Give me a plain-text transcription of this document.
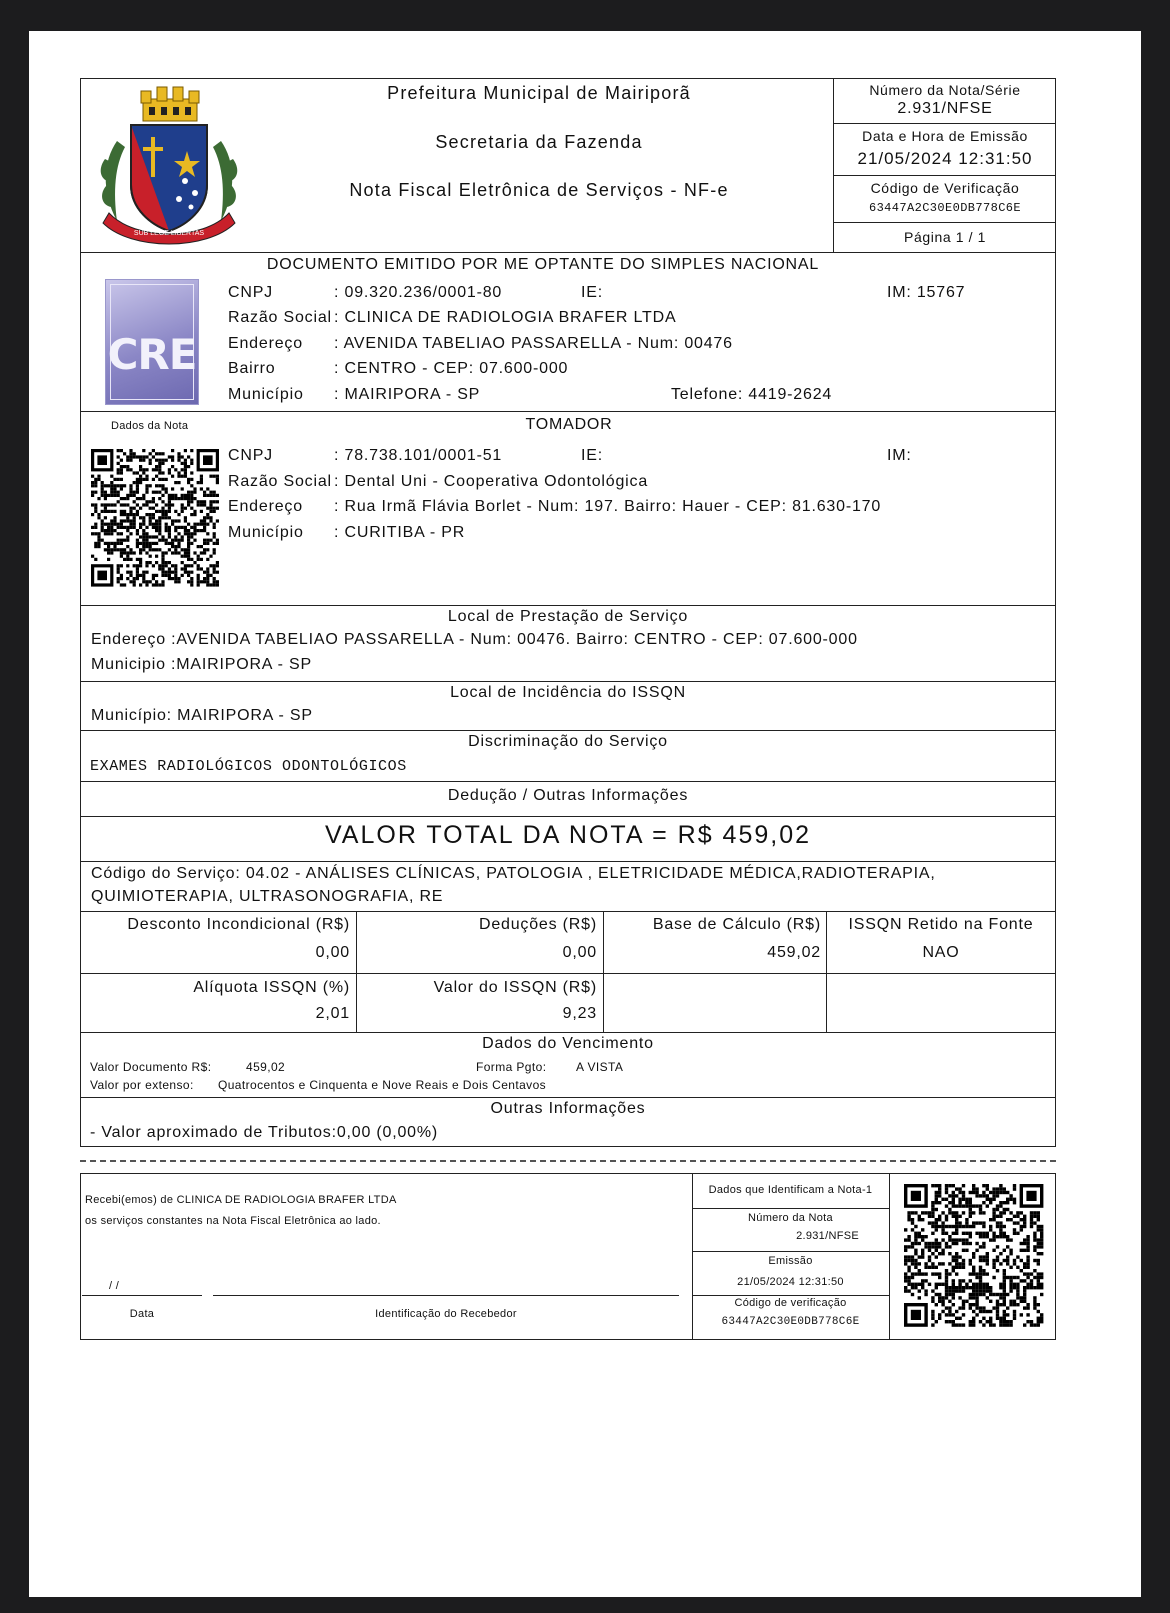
SUB LEGE LIBERTAS
Prefeitura Municipal de Mairiporã
Secretaria da Fazenda
Nota Fiscal Eletrônica de Serviços - NF-e
Número da Nota/Série
2.931/NFSE
Data e Hora de Emissão
21/05/2024 12:31:50
Código de Verificação
63447A2C30E0DB778C6E
Página 1 / 1
DOCUMENTO EMITIDO POR ME OPTANTE DO SIMPLES NACIONAL
CRE
CNPJ	: 09.320.236/0001-80	IE:	IM: 15767
Razão Social : CLINICA DE RADIOLOGIA BRAFER LTDA
Endereço : AVENIDA TABELIAO PASSARELLA - Num: 00476
Bairro	: CENTRO - CEP: 07.600-000
Município : MAIRIPORA - SP	Telefone: 4419-2624
Dados da Nota	TOMADOR
CNPJ	: 78.738.101/0001-51	IE:	IM:
Razão Social : Dental Uni - Cooperativa Odontológica
Endereço : Rua Irmã Flávia Borlet - Num: 197. Bairro: Hauer - CEP: 81.630-170
Município : CURITIBA - PR
Local de Prestação de Serviço
Endereço :AVENIDA TABELIAO PASSARELLA - Num: 00476. Bairro: CENTRO - CEP: 07.600-000
Municipio :MAIRIPORA - SP
Local de Incidência do ISSQN
Município: MAIRIPORA - SP
Discriminação do Serviço
EXAMES RADIOLÓGICOS ODONTOLÓGICOS
Dedução / Outras Informações
VALOR TOTAL DA NOTA = R$ 459,02
Código do Serviço: 04.02 - ANÁLISES CLÍNICAS, PATOLOGIA , ELETRICIDADE MÉDICA,RADIOTERAPIA,
QUIMIOTERAPIA, ULTRASONOGRAFIA, RE
Desconto Incondicional (R$)
0,00
Deduções (R$)
0,00
Base de Cálculo (R$)
459,02
ISSQN Retido na Fonte
NAO
Alíquota ISSQN (%)
2,01
Valor do ISSQN (R$)
9,23
Dados do Vencimento
Valor Documento R$:	459,02	Forma Pgto: A VISTA
Valor por extenso: Quatrocentos e Cinquenta e Nove Reais e Dois Centavos
Outras Informações
- Valor aproximado de Tributos:0,00 (0,00%)
Recebi(emos) de CLINICA DE RADIOLOGIA BRAFER LTDA
os serviços constantes na Nota Fiscal Eletrônica ao lado.
/ /
Data	Identificação do Recebedor
Dados que Identificam a Nota-1
Número da Nota
2.931/NFSE
Emissão
21/05/2024 12:31:50
Código de verificação
63447A2C30E0DB778C6E
